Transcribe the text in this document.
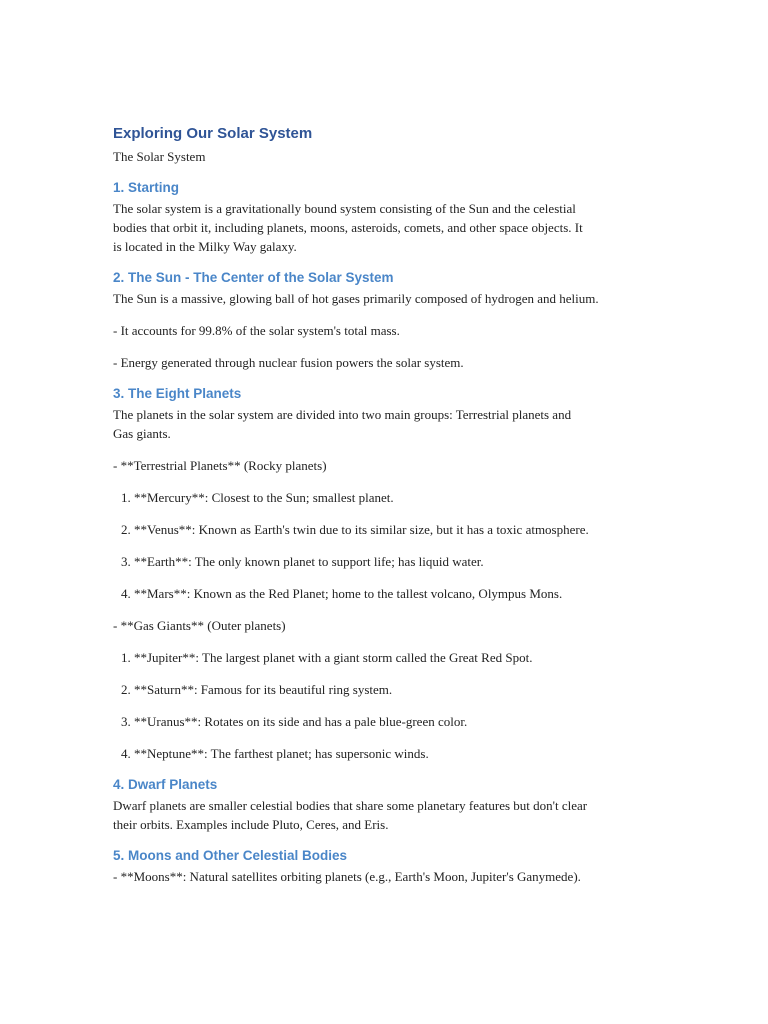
Exploring Our Solar System

The Solar System

1. Starting

The solar system is a gravitationally bound system consisting of the Sun and the celestial

bodies that orbit it, including planets, moons, asteroids, comets, and other space objects. It

is located in the Milky Way galaxy.

2. The Sun - The Center of the Solar System

The Sun is a massive, glowing ball of hot gases primarily composed of hydrogen and helium.

- It accounts for 99.8% of the solar system's total mass.

- Energy generated through nuclear fusion powers the solar system.

3. The Eight Planets

The planets in the solar system are divided into two main groups: Terrestrial planets and

Gas giants.

- **Terrestrial Planets** (Rocky planets)

1. **Mercury**: Closest to the Sun; smallest planet.

2. **Venus**: Known as Earth's twin due to its similar size, but it has a toxic atmosphere.

3. **Earth**: The only known planet to support life; has liquid water.

4. **Mars**: Known as the Red Planet; home to the tallest volcano, Olympus Mons.

- **Gas Giants** (Outer planets)

1. **Jupiter**: The largest planet with a giant storm called the Great Red Spot.

2. **Saturn**: Famous for its beautiful ring system.

3. **Uranus**: Rotates on its side and has a pale blue-green color.

4. **Neptune**: The farthest planet; has supersonic winds.

4. Dwarf Planets

Dwarf planets are smaller celestial bodies that share some planetary features but don't clear

their orbits. Examples include Pluto, Ceres, and Eris.

5. Moons and Other Celestial Bodies

- **Moons**: Natural satellites orbiting planets (e.g., Earth's Moon, Jupiter's Ganymede).
